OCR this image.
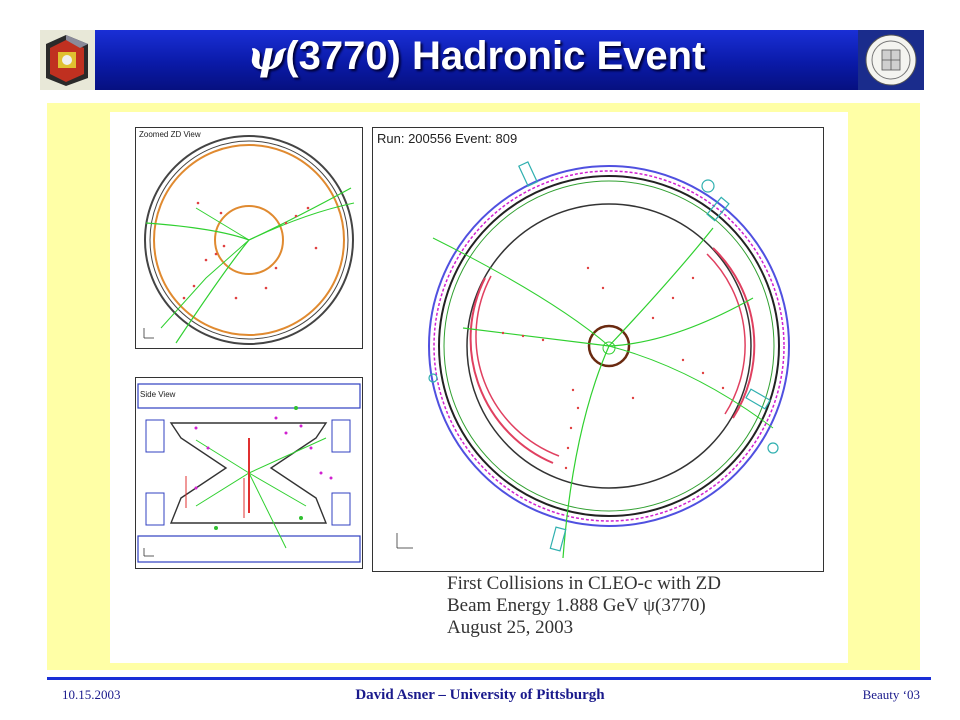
ψ(3770) Hadronic Event
Zoomed ZD View
Side View
Run: 200556 Event: 809
First Collisions in CLEO-c with ZD
Beam Energy 1.888 GeV ψ(3770)
August 25, 2003
10.15.2003	David Asner – University of Pittsburgh	Beauty ‘03
